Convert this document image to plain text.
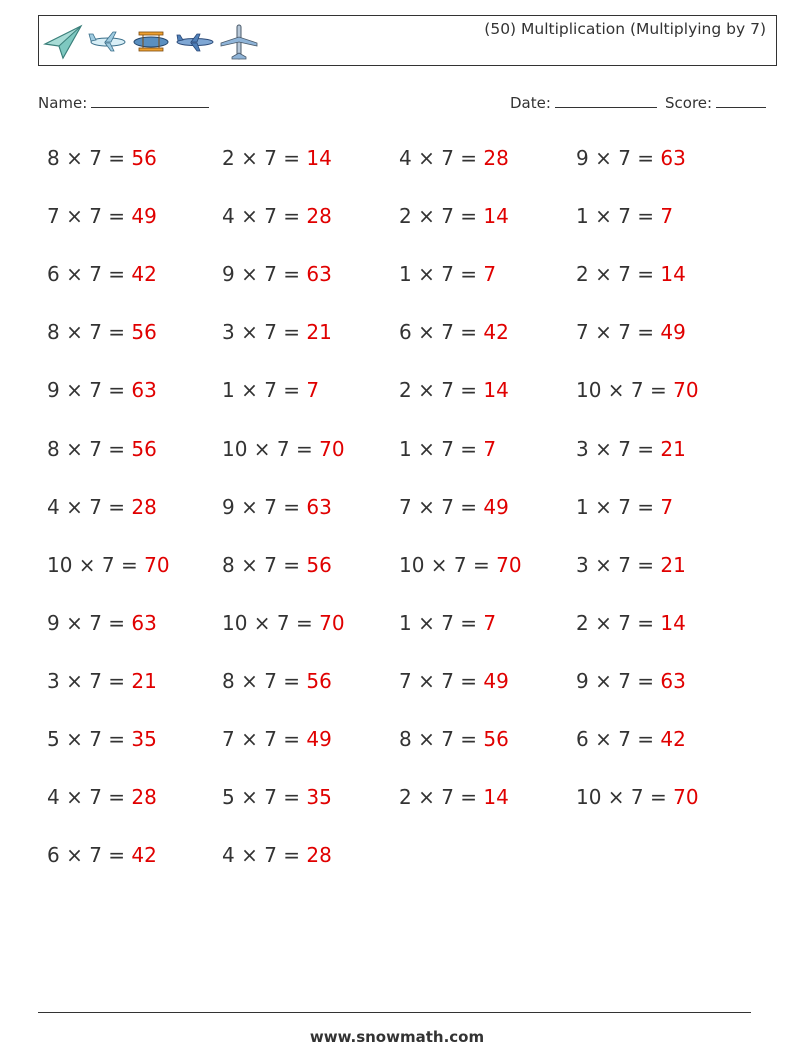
(50) Multiplication (Multiplying by 7)
Name:	Date:	Score:
8 × 7 = 56
7 × 7 = 49
6 × 7 = 42
8 × 7 = 56
9 × 7 = 63
8 × 7 = 56
4 × 7 = 28
10 × 7 = 70
9 × 7 = 63
3 × 7 = 21
5 × 7 = 35
4 × 7 = 28
6 × 7 = 42
2 × 7 = 14
4 × 7 = 28
9 × 7 = 63
3 × 7 = 21
1 × 7 = 7
10 × 7 = 70
9 × 7 = 63
8 × 7 = 56
10 × 7 = 70
8 × 7 = 56
7 × 7 = 49
5 × 7 = 35
4 × 7 = 28
4 × 7 = 28
2 × 7 = 14
1 × 7 = 7
6 × 7 = 42
2 × 7 = 14
1 × 7 = 7
7 × 7 = 49
10 × 7 = 70
1 × 7 = 7
7 × 7 = 49
8 × 7 = 56
2 × 7 = 14
9 × 7 = 63
1 × 7 = 7
2 × 7 = 14
7 × 7 = 49
10 × 7 = 70
3 × 7 = 21
1 × 7 = 7
3 × 7 = 21
2 × 7 = 14
9 × 7 = 63
6 × 7 = 42
10 × 7 = 70
www.snowmath.com
